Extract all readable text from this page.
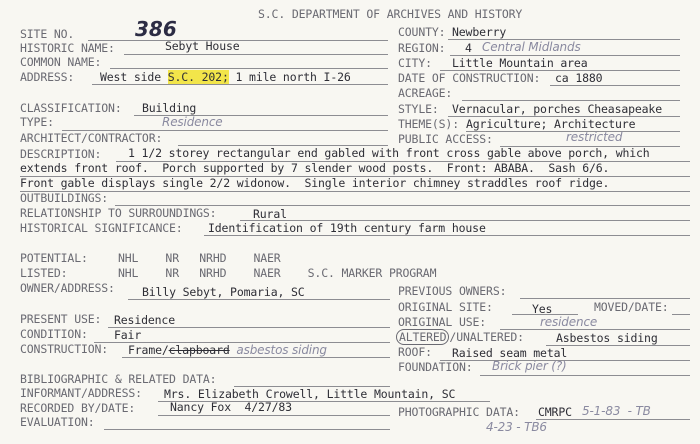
S.C. DEPARTMENT OF ARCHIVES AND HISTORY
SITE NO.	386
HISTORIC NAME:	Sebyt House
COMMON NAME:
ADDRESS: West side S.C. 202; 1 mile north I-26
CLASSIFICATION: Building
TYPE:	Residence
ARCHITECT/CONTRACTOR:
COUNTY: Newberry
REGION: 4 Central Midlands
CITY: Little Mountain area
DATE OF CONSTRUCTION: ca 1880
ACREAGE:
STYLE: Vernacular, porches Cheasapeake
THEME(S): Agriculture; Architecture
PUBLIC ACCESS:	restricted
DESCRIPTION: 1 1/2 storey rectangular end gabled with front cross gable above porch, which
extends front roof.  Porch supported by 7 slender wood posts.  Front: ABABA.  Sash 6/6.
Front gable displays single 2/2 widonow.  Single interior chimney straddles roof ridge.
OUTBUILDINGS:
RELATIONSHIP TO SURROUNDINGS:	Rural
HISTORICAL SIGNIFICANCE: Identification of 19th century farm house
POTENTIAL:	NHL    NR   NRHD    NAER
LISTED:	NHL    NR   NRHD    NAER    S.C. MARKER PROGRAM
OWNER/ADDRESS: Billy Sebyt, Pomaria, SC	PREVIOUS OWNERS:
ORIGINAL SITE:	Yes	MOVED/DATE:
ORIGINAL USE:	residence
ALTERED /UNALTERED:	Asbestos siding
ROOF: Raised seam metal
FOUNDATION: Brick pier (?)
PRESENT USE: Residence
CONDITION: Fair
CONSTRUCTION: Frame/clapboard asbestos siding
BIBLIOGRAPHIC & RELATED DATA:
INFORMANT/ADDRESS: Mrs. Elizabeth Crowell, Little Mountain, SC
RECORDED BY/DATE:	Nancy Fox  4/27/83	PHOTOGRAPHIC DATA: CMRPC 5-1-83  - TB
4-23 - TB6
EVALUATION:
